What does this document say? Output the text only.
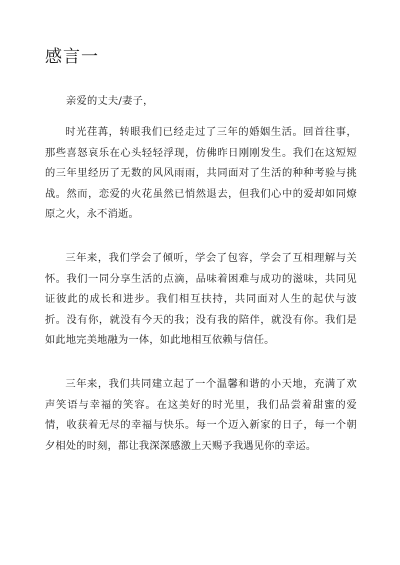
感言一
亲爱的丈夫/妻子，

时光荏苒，转眼我们已经走过了三年的婚姻生活。回首往事，那些喜怒哀乐在心头轻轻浮现，仿佛昨日刚刚发生。我们在这短短的三年里经历了无数的风风雨雨，共同面对了生活的种种考验与挑战。然而，恋爱的火花虽然已悄然退去，但我们心中的爱却如同燎原之火，永不消逝。

三年来，我们学会了倾听，学会了包容，学会了互相理解与关怀。我们一同分享生活的点滴，品味着困难与成功的滋味，共同见证彼此的成长和进步。我们相互扶持，共同面对人生的起伏与波折。没有你，就没有今天的我；没有我的陪伴，就没有你。我们是如此地完美地融为一体，如此地相互依赖与信任。

三年来，我们共同建立起了一个温馨和谐的小天地，充满了欢声笑语与幸福的笑容。在这美好的时光里，我们品尝着甜蜜的爱情，收获着无尽的幸福与快乐。每一个迈入新家的日子，每一个朝夕相处的时刻，都让我深深感激上天赐予我遇见你的幸运。
